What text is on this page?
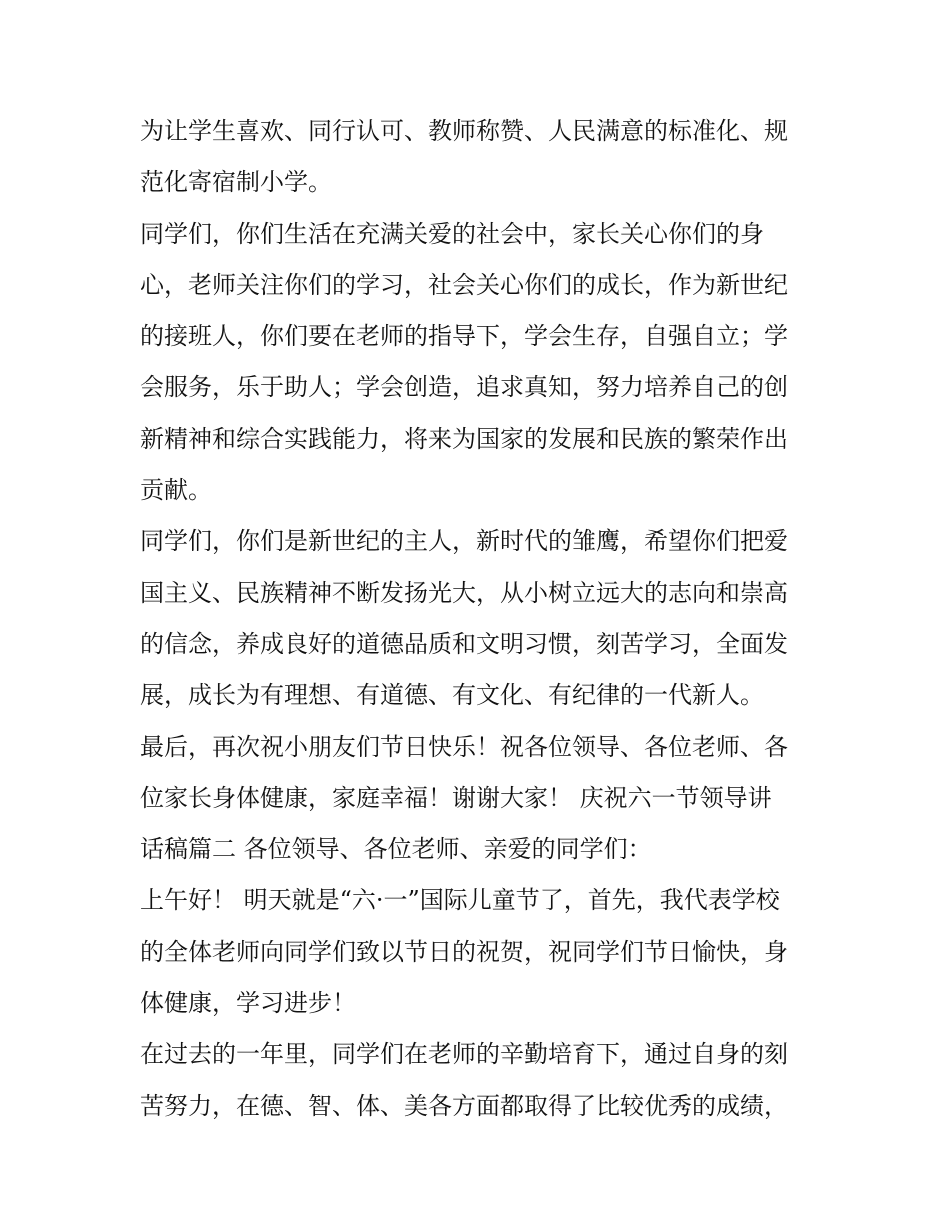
为让学生喜欢、同行认可、教师称赞、人民满意的标准化、规
范化寄宿制小学。
同学们，你们生活在充满关爱的社会中，家长关心你们的身
心，老师关注你们的学习，社会关心你们的成长，作为新世纪
的接班人，你们要在老师的指导下，学会生存，自强自立；学
会服务，乐于助人；学会创造，追求真知，努力培养自己的创
新精神和综合实践能力，将来为国家的发展和民族的繁荣作出
贡献。
同学们，你们是新世纪的主人，新时代的雏鹰，希望你们把爱
国主义、民族精神不断发扬光大，从小树立远大的志向和崇高
的信念，养成良好的道德品质和文明习惯，刻苦学习，全面发
展，成长为有理想、有道德、有文化、有纪律的一代新人。
最后，再次祝小朋友们节日快乐！祝各位领导、各位老师、各
位家长身体健康，家庭幸福！谢谢大家！ 庆祝六一节领导讲
话稿篇二 各位领导、各位老师、亲爱的同学们：
上午好！ 明天就是“六·一”国际儿童节了，首先，我代表学校
的全体老师向同学们致以节日的祝贺，祝同学们节日愉快，身
体健康，学习进步！
在过去的一年里，同学们在老师的辛勤培育下，通过自身的刻
苦努力，在德、智、体、美各方面都取得了比较优秀的成绩，
